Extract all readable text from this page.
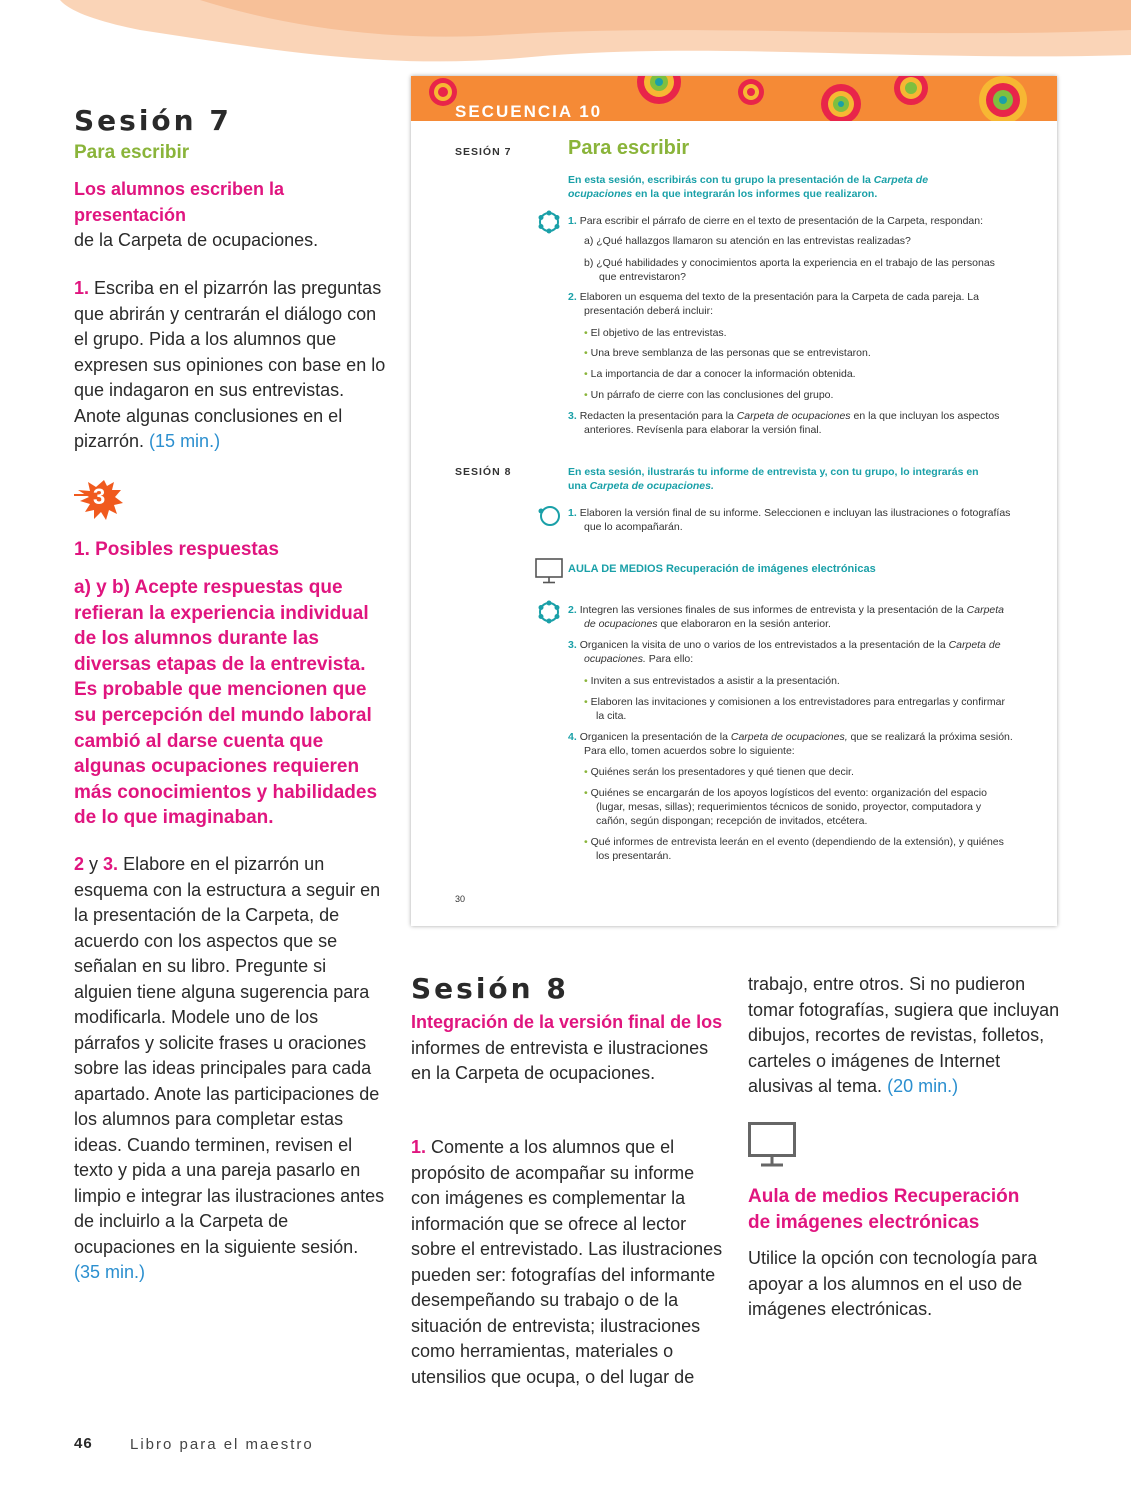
Sesión 7
Para escribir
Los alumnos escriben la presentación
de la Carpeta de ocupaciones.
1. Escriba en el pizarrón las preguntas que abrirán y centrarán el diálogo con el grupo. Pida a los alumnos que expresen sus opiniones con base en lo que indagaron en sus entrevistas. Anote algunas conclusiones en el pizarrón. (15 min.)
3
1. Posibles respuestas
a) y b) Acepte respuestas que refieran la experiencia individual de los alumnos durante las diversas etapas de la entrevista. Es probable que mencionen que su percepción del mundo laboral cambió al darse cuenta que algunas ocupaciones requieren más conocimientos y habilidades de lo que imaginaban.
2 y 3. Elabore en el pizarrón un esquema con la estructura a seguir en la presentación de la Carpeta, de acuerdo con los aspectos que se señalan en su libro. Pregunte si alguien tiene alguna sugerencia para modificarla. Modele uno de los párrafos y solicite frases u oraciones sobre las ideas principales para cada apartado. Anote las participaciones de los alumnos para completar estas ideas. Cuando terminen, revisen el texto y pida a una pareja pasarlo en limpio e integrar las ilustraciones antes de incluirlo a la Carpeta de ocupaciones en la siguiente sesión. (35 min.)
SECUENCIA 10
SESIÓN 7	Para escribir
En esta sesión, escribirás con tu grupo la presentación de la Carpeta de ocupaciones en la que integrarán los informes que realizaron.
1. Para escribir el párrafo de cierre en el texto de presentación de la Carpeta, respondan:
a) ¿Qué hallazgos llamaron su atención en las entrevistas realizadas?
b) ¿Qué habilidades y conocimientos aporta la experiencia en el trabajo de las personas que entrevistaron?
2. Elaboren un esquema del texto de la presentación para la Carpeta de cada pareja. La presentación deberá incluir:
• El objetivo de las entrevistas.
• Una breve semblanza de las personas que se entrevistaron.
• La importancia de dar a conocer la información obtenida.
• Un párrafo de cierre con las conclusiones del grupo.
3. Redacten la presentación para la Carpeta de ocupaciones en la que incluyan los aspectos anteriores. Revísenla para elaborar la versión final.
SESIÓN 8	En esta sesión, ilustrarás tu informe de entrevista y, con tu grupo, lo integrarás en una Carpeta de ocupaciones.
1. Elaboren la versión final de su informe. Seleccionen e incluyan las ilustraciones o fotografías que lo acompañarán.
AULA DE MEDIOS Recuperación de imágenes electrónicas
2. Integren las versiones finales de sus informes de entrevista y la presentación de la Carpeta de ocupaciones que elaboraron en la sesión anterior.
3. Organicen la visita de uno o varios de los entrevistados a la presentación de la Carpeta de ocupaciones. Para ello:
• Inviten a sus entrevistados a asistir a la presentación.
• Elaboren las invitaciones y comisionen a los entrevistadores para entregarlas y confirmar la cita.
4. Organicen la presentación de la Carpeta de ocupaciones, que se realizará la próxima sesión. Para ello, tomen acuerdos sobre lo siguiente:
• Quiénes serán los presentadores y qué tienen que decir.
• Quiénes se encargarán de los apoyos logísticos del evento: organización del espacio (lugar, mesas, sillas); requerimientos técnicos de sonido, proyector, computadora y cañón, según dispongan; recepción de invitados, etcétera.
• Qué informes de entrevista leerán en el evento (dependiendo de la extensión), y quiénes los presentarán.
30
Sesión 8
Integración de la versión final de los
informes de entrevista e ilustraciones en la Carpeta de ocupaciones.
1. Comente a los alumnos que el propósito de acompañar su informe con imágenes es complementar la información que se ofrece al lector sobre el entrevistado. Las ilustraciones pueden ser: fotografías del informante desempeñando su trabajo o de la situación de entrevista; ilustraciones como herramientas, materiales o utensilios que ocupa, o del lugar de
trabajo, entre otros. Si no pudieron tomar fotografías, sugiera que incluyan dibujos, recortes de revistas, folletos, carteles o imágenes de Internet alusivas al tema. (20 min.)
Aula de medios Recuperación de imágenes electrónicas
Utilice la opción con tecnología para apoyar a los alumnos en el uso de imágenes electrónicas.
46 Libro para el maestro
